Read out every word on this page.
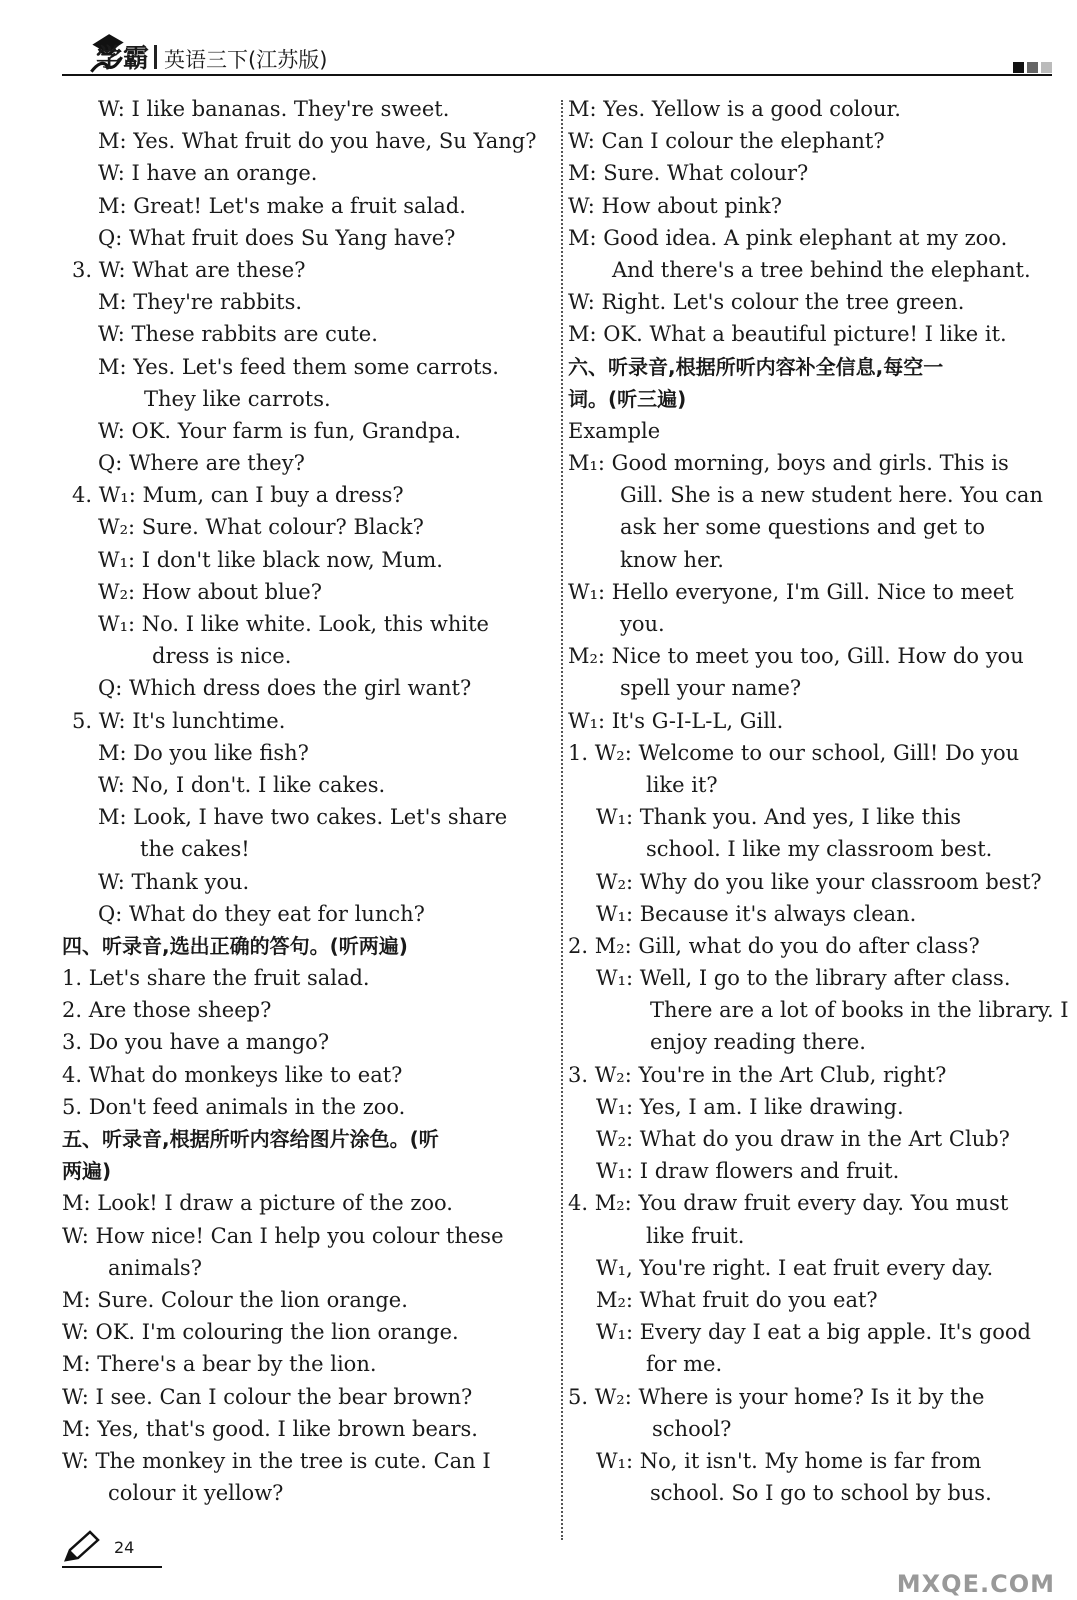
学霸 英语三下(江苏版)
W: I like bananas. They're sweet.
M: Yes. What fruit do you have, Su Yang?
W: I have an orange.
M: Great! Let's make a fruit salad.
Q: What fruit does Su Yang have?
3. W: What are these?
M: They're rabbits.
W: These rabbits are cute.
M: Yes. Let's feed them some carrots.
They like carrots.
W: OK. Your farm is fun, Grandpa.
Q: Where are they?
4. W₁: Mum, can I buy a dress?
W₂: Sure. What colour? Black?
W₁: I don't like black now, Mum.
W₂: How about blue?
W₁: No. I like white. Look, this white
dress is nice.
Q: Which dress does the girl want?
5. W: It's lunchtime.
M: Do you like fish?
W: No, I don't. I like cakes.
M: Look, I have two cakes. Let's share
the cakes!
W: Thank you.
Q: What do they eat for lunch?
四、听录音,选出正确的答句。(听两遍)
1. Let's share the fruit salad.
2. Are those sheep?
3. Do you have a mango?
4. What do monkeys like to eat?
5. Don't feed animals in the zoo.
五、听录音,根据所听内容给图片涂色。(听
两遍)
M: Look! I draw a picture of the zoo.
W: How nice! Can I help you colour these
animals?
M: Sure. Colour the lion orange.
W: OK. I'm colouring the lion orange.
M: There's a bear by the lion.
W: I see. Can I colour the bear brown?
M: Yes, that's good. I like brown bears.
W: The monkey in the tree is cute. Can I
colour it yellow?
M: Yes. Yellow is a good colour.
W: Can I colour the elephant?
M: Sure. What colour?
W: How about pink?
M: Good idea. A pink elephant at my zoo.
And there's a tree behind the elephant.
W: Right. Let's colour the tree green.
M: OK. What a beautiful picture! I like it.
六、听录音,根据所听内容补全信息,每空一
词。(听三遍)
Example
M₁: Good morning, boys and girls. This is
Gill. She is a new student here. You can
ask her some questions and get to
know her.
W₁: Hello everyone, I'm Gill. Nice to meet
you.
M₂: Nice to meet you too, Gill. How do you
spell your name?
W₁: It's G-I-L-L, Gill.
1. W₂: Welcome to our school, Gill! Do you
like it?
W₁: Thank you. And yes, I like this
school. I like my classroom best.
W₂: Why do you like your classroom best?
W₁: Because it's always clean.
2. M₂: Gill, what do you do after class?
W₁: Well, I go to the library after class.
There are a lot of books in the library. I
enjoy reading there.
3. W₂: You're in the Art Club, right?
W₁: Yes, I am. I like drawing.
W₂: What do you draw in the Art Club?
W₁: I draw flowers and fruit.
4. M₂: You draw fruit every day. You must
like fruit.
W₁, You're right. I eat fruit every day.
M₂: What fruit do you eat?
W₁: Every day I eat a big apple. It's good
for me.
5. W₂: Where is your home? Is it by the
school?
W₁: No, it isn't. My home is far from
school. So I go to school by bus.
24
MXQE.COM
